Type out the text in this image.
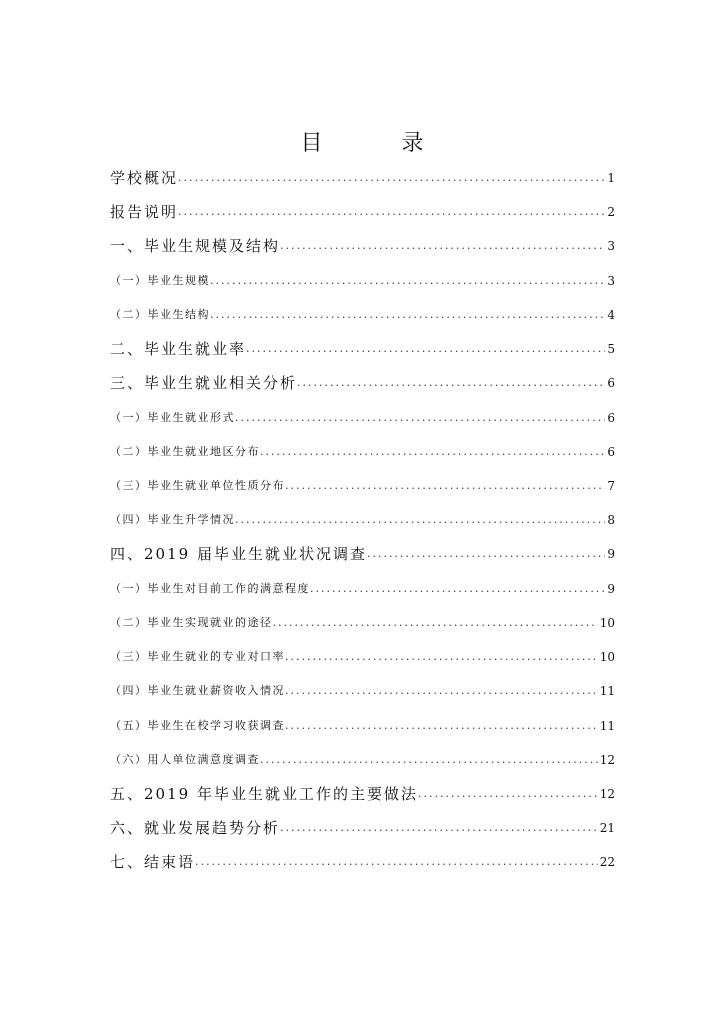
目 录
学校概况 .....	1
报告说明 .....	2
一、毕业生规模及结构 .....	3
（一）毕业生规模 .....	3
（二）毕业生结构 .....	4
二、毕业生就业率 .....	5
三、毕业生就业相关分析 .....	6
（一）毕业生就业形式 .....	6
（二）毕业生就业地区分布 .....	6
（三）毕业生就业单位性质分布 .....	7
（四）毕业生升学情况 .....	8
四、2019 届毕业生就业状况调查 .....	9
（一）毕业生对目前工作的满意程度 .....	9
（二）毕业生实现就业的途径 .....	10
（三）毕业生就业的专业对口率 .....	10
（四）毕业生就业薪资收入情况 .....	11
（五）毕业生在校学习收获调查 .....	11
（六）用人单位满意度调查 .....	12
五、2019 年毕业生就业工作的主要做法 .....	12
六、就业发展趋势分析 .....	21
七、结束语 .....	22
